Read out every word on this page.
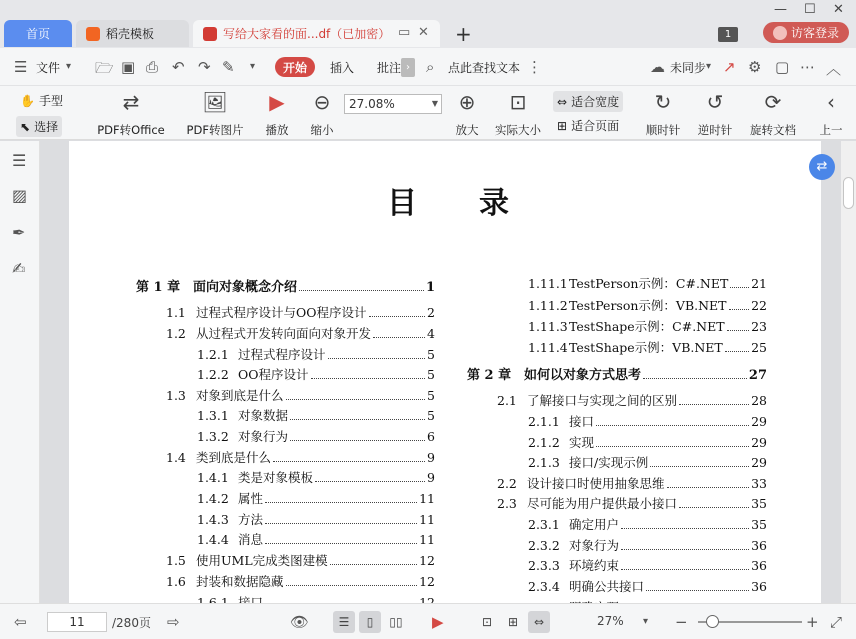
首页	稻壳模板	写给大家看的面...df（已加密） ▭ ✕ +	1
— ☐ ✕
访客登录
☰ 文件 ▾ 🗁 ▣ ⎙ ↶ ↷ ✎ ▾	开始	插入 批注 ›	⌕ 点此查找文本 ⋮	☁ 未同步 ▾ ↗ ⚙ ▢ ⋯ ︿
✋ 手型
⬉ 选择
⇄
PDF转Office
🖼
PDF转图片
▶
播放
⊖
缩小
⊕
放大
⊡
实际大小
⇔ 适合宽度
⊞ 适合页面
↻
顺时针
↺
逆时针
⟳
旋转文档
‹
上一
27.08%	▼
☰
▨
✒
✍
目录
第 1 章 面向对象概念介绍	1
1.1 过程式程序设计与OO程序设计	2
1.2 从过程式开发转向面向对象开发	4
1.2.1 过程式程序设计	5
1.2.2 OO程序设计	5
1.3 对象到底是什么	5
1.3.1 对象数据	5
1.3.2 对象行为	6
1.4 类到底是什么	9
1.4.1 类是对象模板	9
1.4.2 属性	11
1.4.3 方法	11
1.4.4 消息	11
1.5 使用UML完成类图建模	12
1.6 封装和数据隐藏	12
1.11.1 TestPerson示例：C#.NET 21
1.11.2 TestPerson示例：VB.NET 22
1.11.3 TestShape示例：C#.NET 23
1.11.4 TestShape示例：VB.NET 25
第 2 章 如何以对象方式思考	27
2.1 了解接口与实现之间的区别	28
2.1.1 接口	29
2.1.2 实现	29
2.1.3 接口/实现示例	29
2.2 设计接口时使用抽象思维	33
2.3 尽可能为用户提供最小接口	35
2.3.1 确定用户	35
2.3.2 对象行为	36
2.3.3 环境约束	36
2.3.4 明确公共接口	36
⇄
⇦	11	/280页 ⇨	👁	☰	▯	▯▯ ▶	⊡	⊞	⇔	27% ▾ −	+ ⤢
